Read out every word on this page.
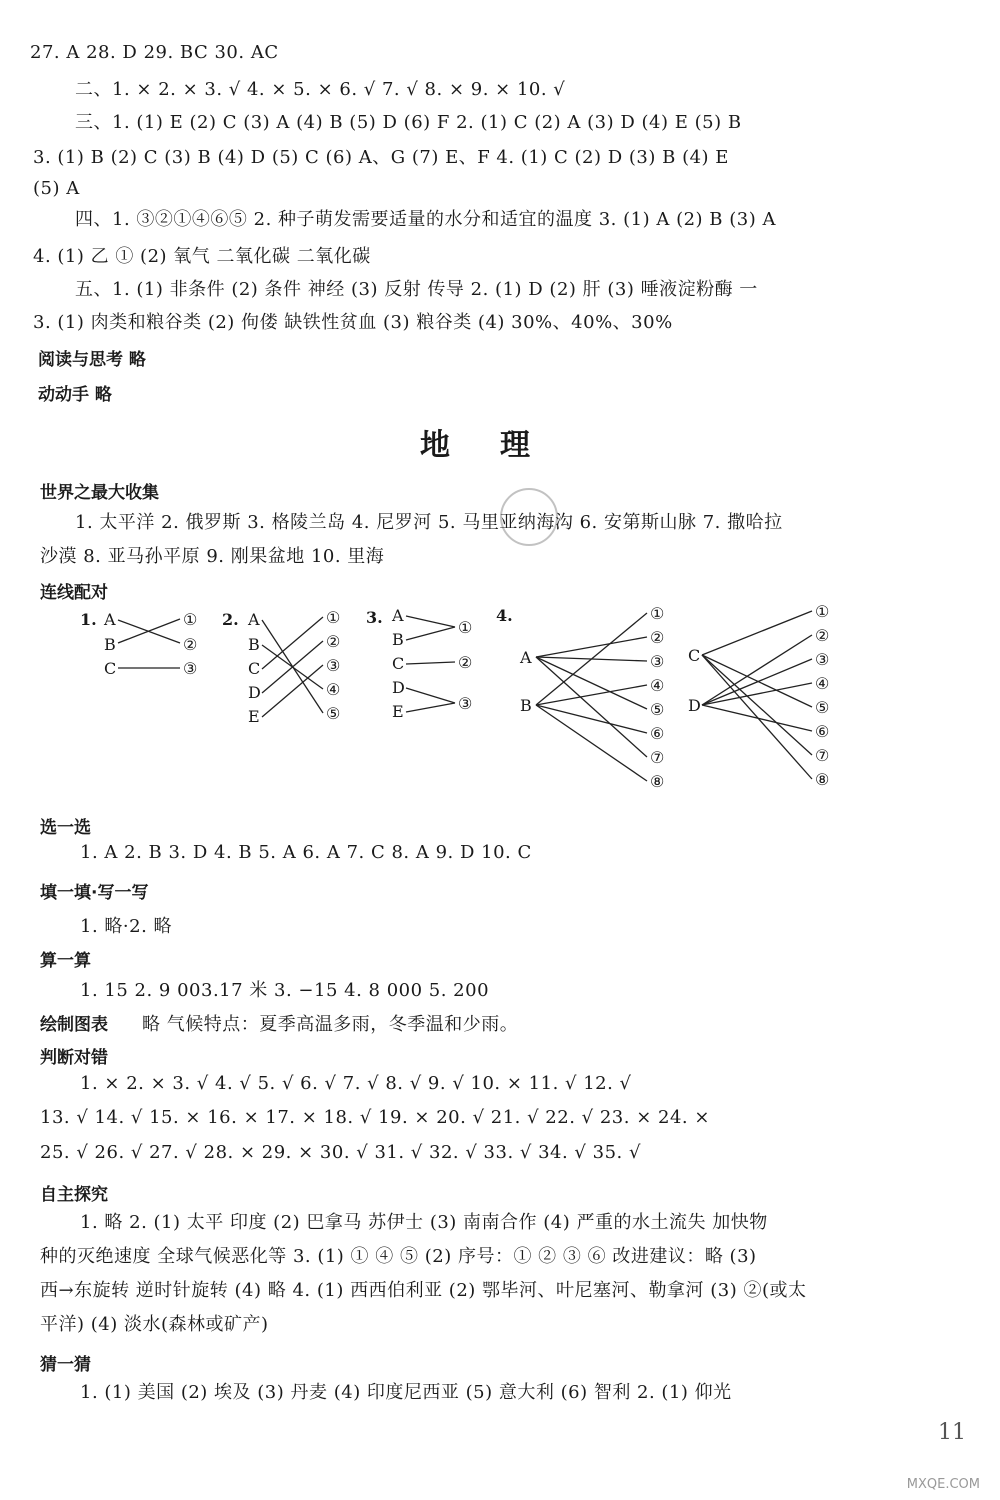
27. A 28. D 29. BC 30. AC
二、1. × 2. × 3. √ 4. × 5. × 6. √ 7. √ 8. × 9. × 10. √
三、1. (1) E (2) C (3) A (4) B (5) D (6) F 2. (1) C (2) A (3) D (4) E (5) B
3. (1) B (2) C (3) B (4) D (5) C (6) A、G (7) E、F 4. (1) C (2) D (3) B (4) E
(5) A
四、1. ③②①④⑥⑤ 2. 种子萌发需要适量的水分和适宜的温度 3. (1) A (2) B (3) A
4. (1) 乙 ① (2) 氧气 二氧化碳 二氧化碳
五、1. (1) 非条件 (2) 条件 神经 (3) 反射 传导 2. (1) D (2) 肝 (3) 唾液淀粉酶 一
3. (1) 肉类和粮谷类 (2) 佝偻 缺铁性贫血 (3) 粮谷类 (4) 30%、40%、30%
阅读与思考 略
动动手 略
地理
世界之最大收集
1. 太平洋 2. 俄罗斯 3. 格陵兰岛 4. 尼罗河 5. 马里亚纳海沟 6. 安第斯山脉 7. 撒哈拉
沙漠 8. 亚马孙平原 9. 刚果盆地 10. 里海
连线配对
1. A
B
C
①
②
③
2. A
B
C
D
E
①
②
③
④
⑤
3. A
B
C
D
E
①
②
③
4.
A
B
①
②
③
④
⑤
⑥
⑦
⑧
C
D
①
②
③
④
⑤
⑥
⑦
⑧
选一选
1. A 2. B 3. D 4. B 5. A 6. A 7. C 8. A 9. D 10. C
填一填·写一写
1. 略·2. 略
算一算
1. 15 2. 9 003.17 米 3. −15 4. 8 000 5. 200
绘制图表 略 气候特点：夏季高温多雨，冬季温和少雨。
判断对错
1. × 2. × 3. √ 4. √ 5. √ 6. √ 7. √ 8. √ 9. √ 10. × 11. √ 12. √
13. √ 14. √ 15. × 16. × 17. × 18. √ 19. × 20. √ 21. √ 22. √ 23. × 24. ×
25. √ 26. √ 27. √ 28. × 29. × 30. √ 31. √ 32. √ 33. √ 34. √ 35. √
自主探究
1. 略 2. (1) 太平 印度 (2) 巴拿马 苏伊士 (3) 南南合作 (4) 严重的水土流失 加快物
种的灭绝速度 全球气候恶化等 3. (1) ① ④ ⑤ (2) 序号：① ② ③ ⑥ 改进建议：略 (3)
西→东旋转 逆时针旋转 (4) 略 4. (1) 西西伯利亚 (2) 鄂毕河、叶尼塞河、勒拿河 (3) ②(或太
平洋) (4) 淡水(森林或矿产)
猜一猜
1. (1) 美国 (2) 埃及 (3) 丹麦 (4) 印度尼西亚 (5) 意大利 (6) 智利 2. (1) 仰光
11
MXQE.COM
